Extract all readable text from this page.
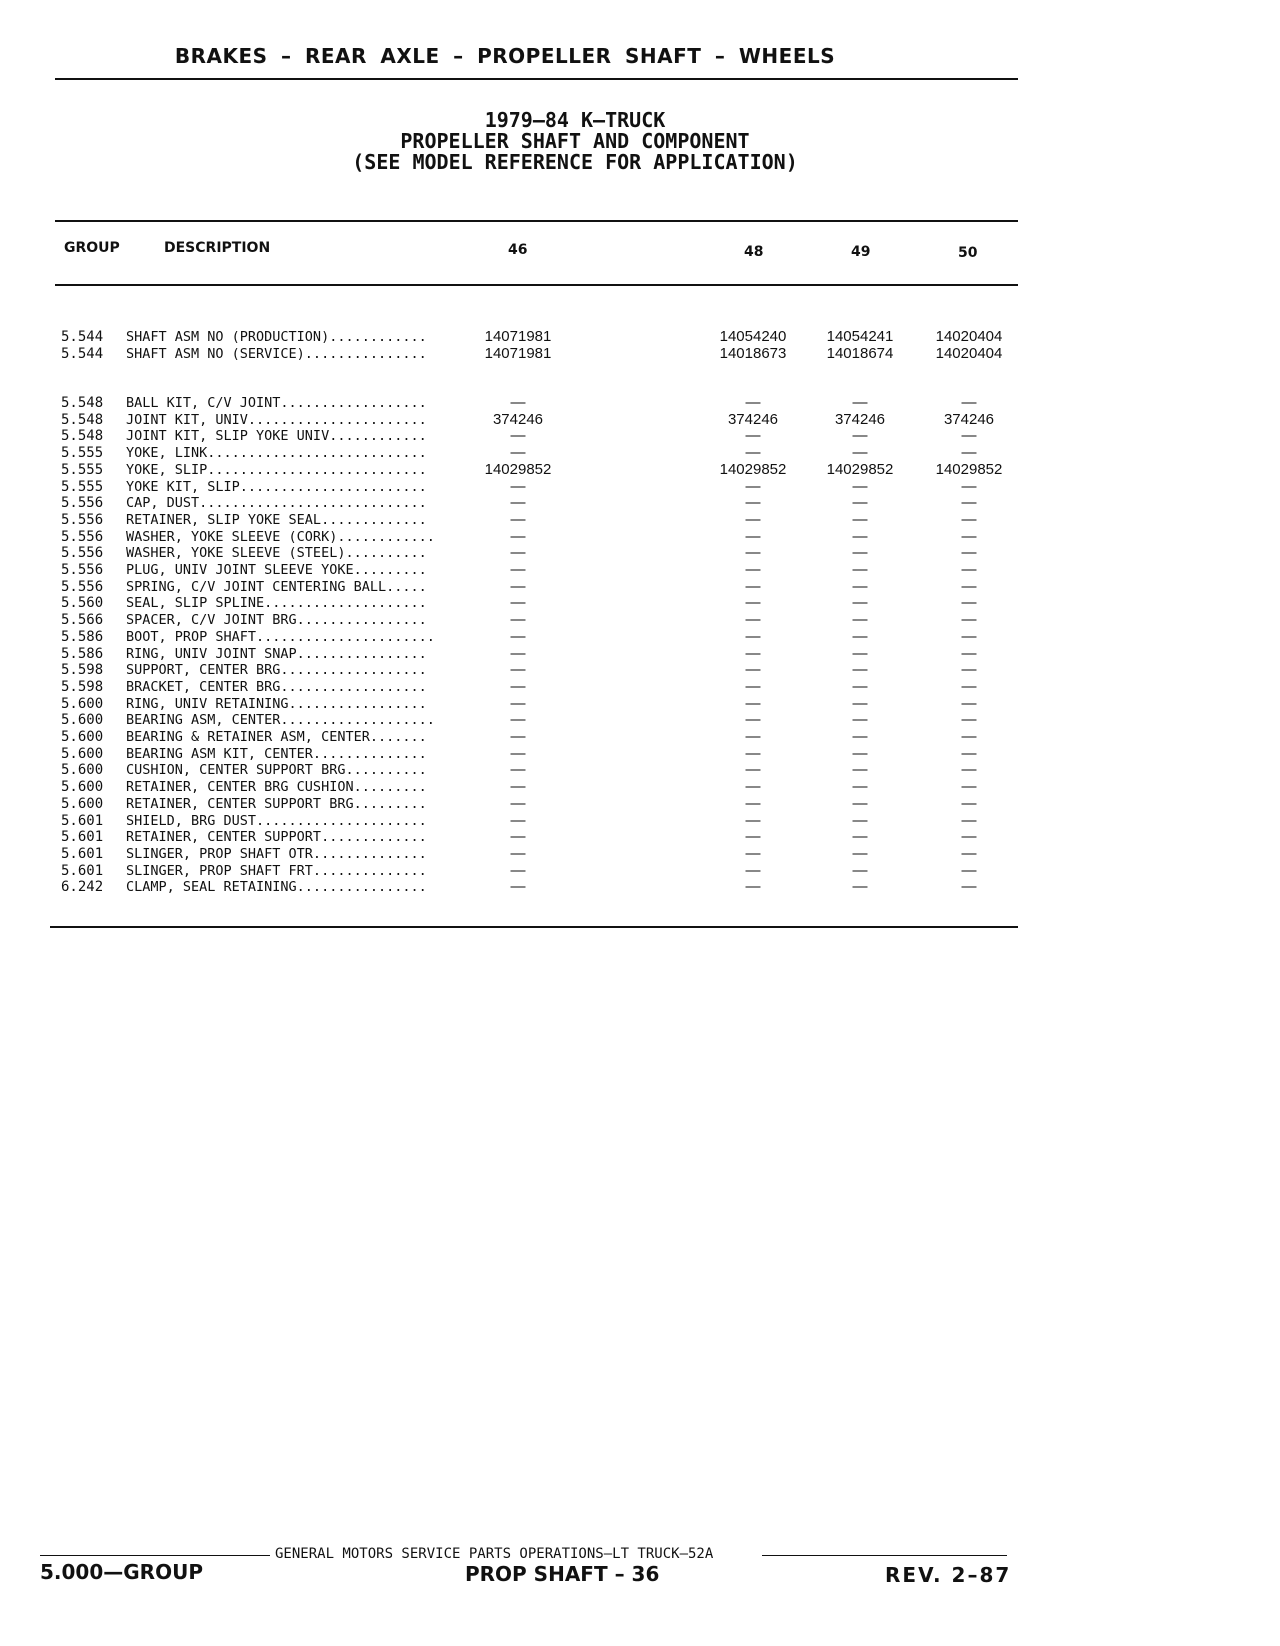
BRAKES – REAR AXLE – PROPELLER SHAFT – WHEELS
1979–84 K–TRUCK
PROPELLER SHAFT AND COMPONENT
(SEE MODEL REFERENCE FOR APPLICATION)
GROUP	DESCRIPTION	46	48	49	50
5.544 SHAFT ASM NO (PRODUCTION)............	14071981	14054240	14054241	14020404
5.544 SHAFT ASM NO (SERVICE)...............	14071981	14018673	14018674	14020404
5.548 BALL KIT, C/V JOINT..................	—	—	—	—
5.548 JOINT KIT, UNIV......................	374246	374246	374246	374246
5.548 JOINT KIT, SLIP YOKE UNIV............	—	—	—	—
5.555 YOKE, LINK...........................	—	—	—	—
5.555 YOKE, SLIP...........................	14029852	14029852	14029852	14029852
5.555 YOKE KIT, SLIP.......................	—	—	—	—
5.556 CAP, DUST............................	—	—	—	—
5.556 RETAINER, SLIP YOKE SEAL.............	—	—	—	—
5.556 WASHER, YOKE SLEEVE (CORK)............	—	—	—	—
5.556 WASHER, YOKE SLEEVE (STEEL)..........	—	—	—	—
5.556 PLUG, UNIV JOINT SLEEVE YOKE.........	—	—	—	—
5.556 SPRING, C/V JOINT CENTERING BALL.....	—	—	—	—
5.560 SEAL, SLIP SPLINE....................	—	—	—	—
5.566 SPACER, C/V JOINT BRG................	—	—	—	—
5.586 BOOT, PROP SHAFT......................	—	—	—	—
5.586 RING, UNIV JOINT SNAP................	—	—	—	—
5.598 SUPPORT, CENTER BRG..................	—	—	—	—
5.598 BRACKET, CENTER BRG..................	—	—	—	—
5.600 RING, UNIV RETAINING.................	—	—	—	—
5.600 BEARING ASM, CENTER...................	—	—	—	—
5.600 BEARING & RETAINER ASM, CENTER.......	—	—	—	—
5.600 BEARING ASM KIT, CENTER..............	—	—	—	—
5.600 CUSHION, CENTER SUPPORT BRG..........	—	—	—	—
5.600 RETAINER, CENTER BRG CUSHION.........	—	—	—	—
5.600 RETAINER, CENTER SUPPORT BRG.........	—	—	—	—
5.601 SHIELD, BRG DUST.....................	—	—	—	—
5.601 RETAINER, CENTER SUPPORT.............	—	—	—	—
5.601 SLINGER, PROP SHAFT OTR..............	—	—	—	—
5.601 SLINGER, PROP SHAFT FRT..............	—	—	—	—
6.242 CLAMP, SEAL RETAINING................	—	—	—	—
GENERAL MOTORS SERVICE PARTS OPERATIONS—LT TRUCK—52A
5.000—GROUP	PROP SHAFT – 36	REV. 2–87
